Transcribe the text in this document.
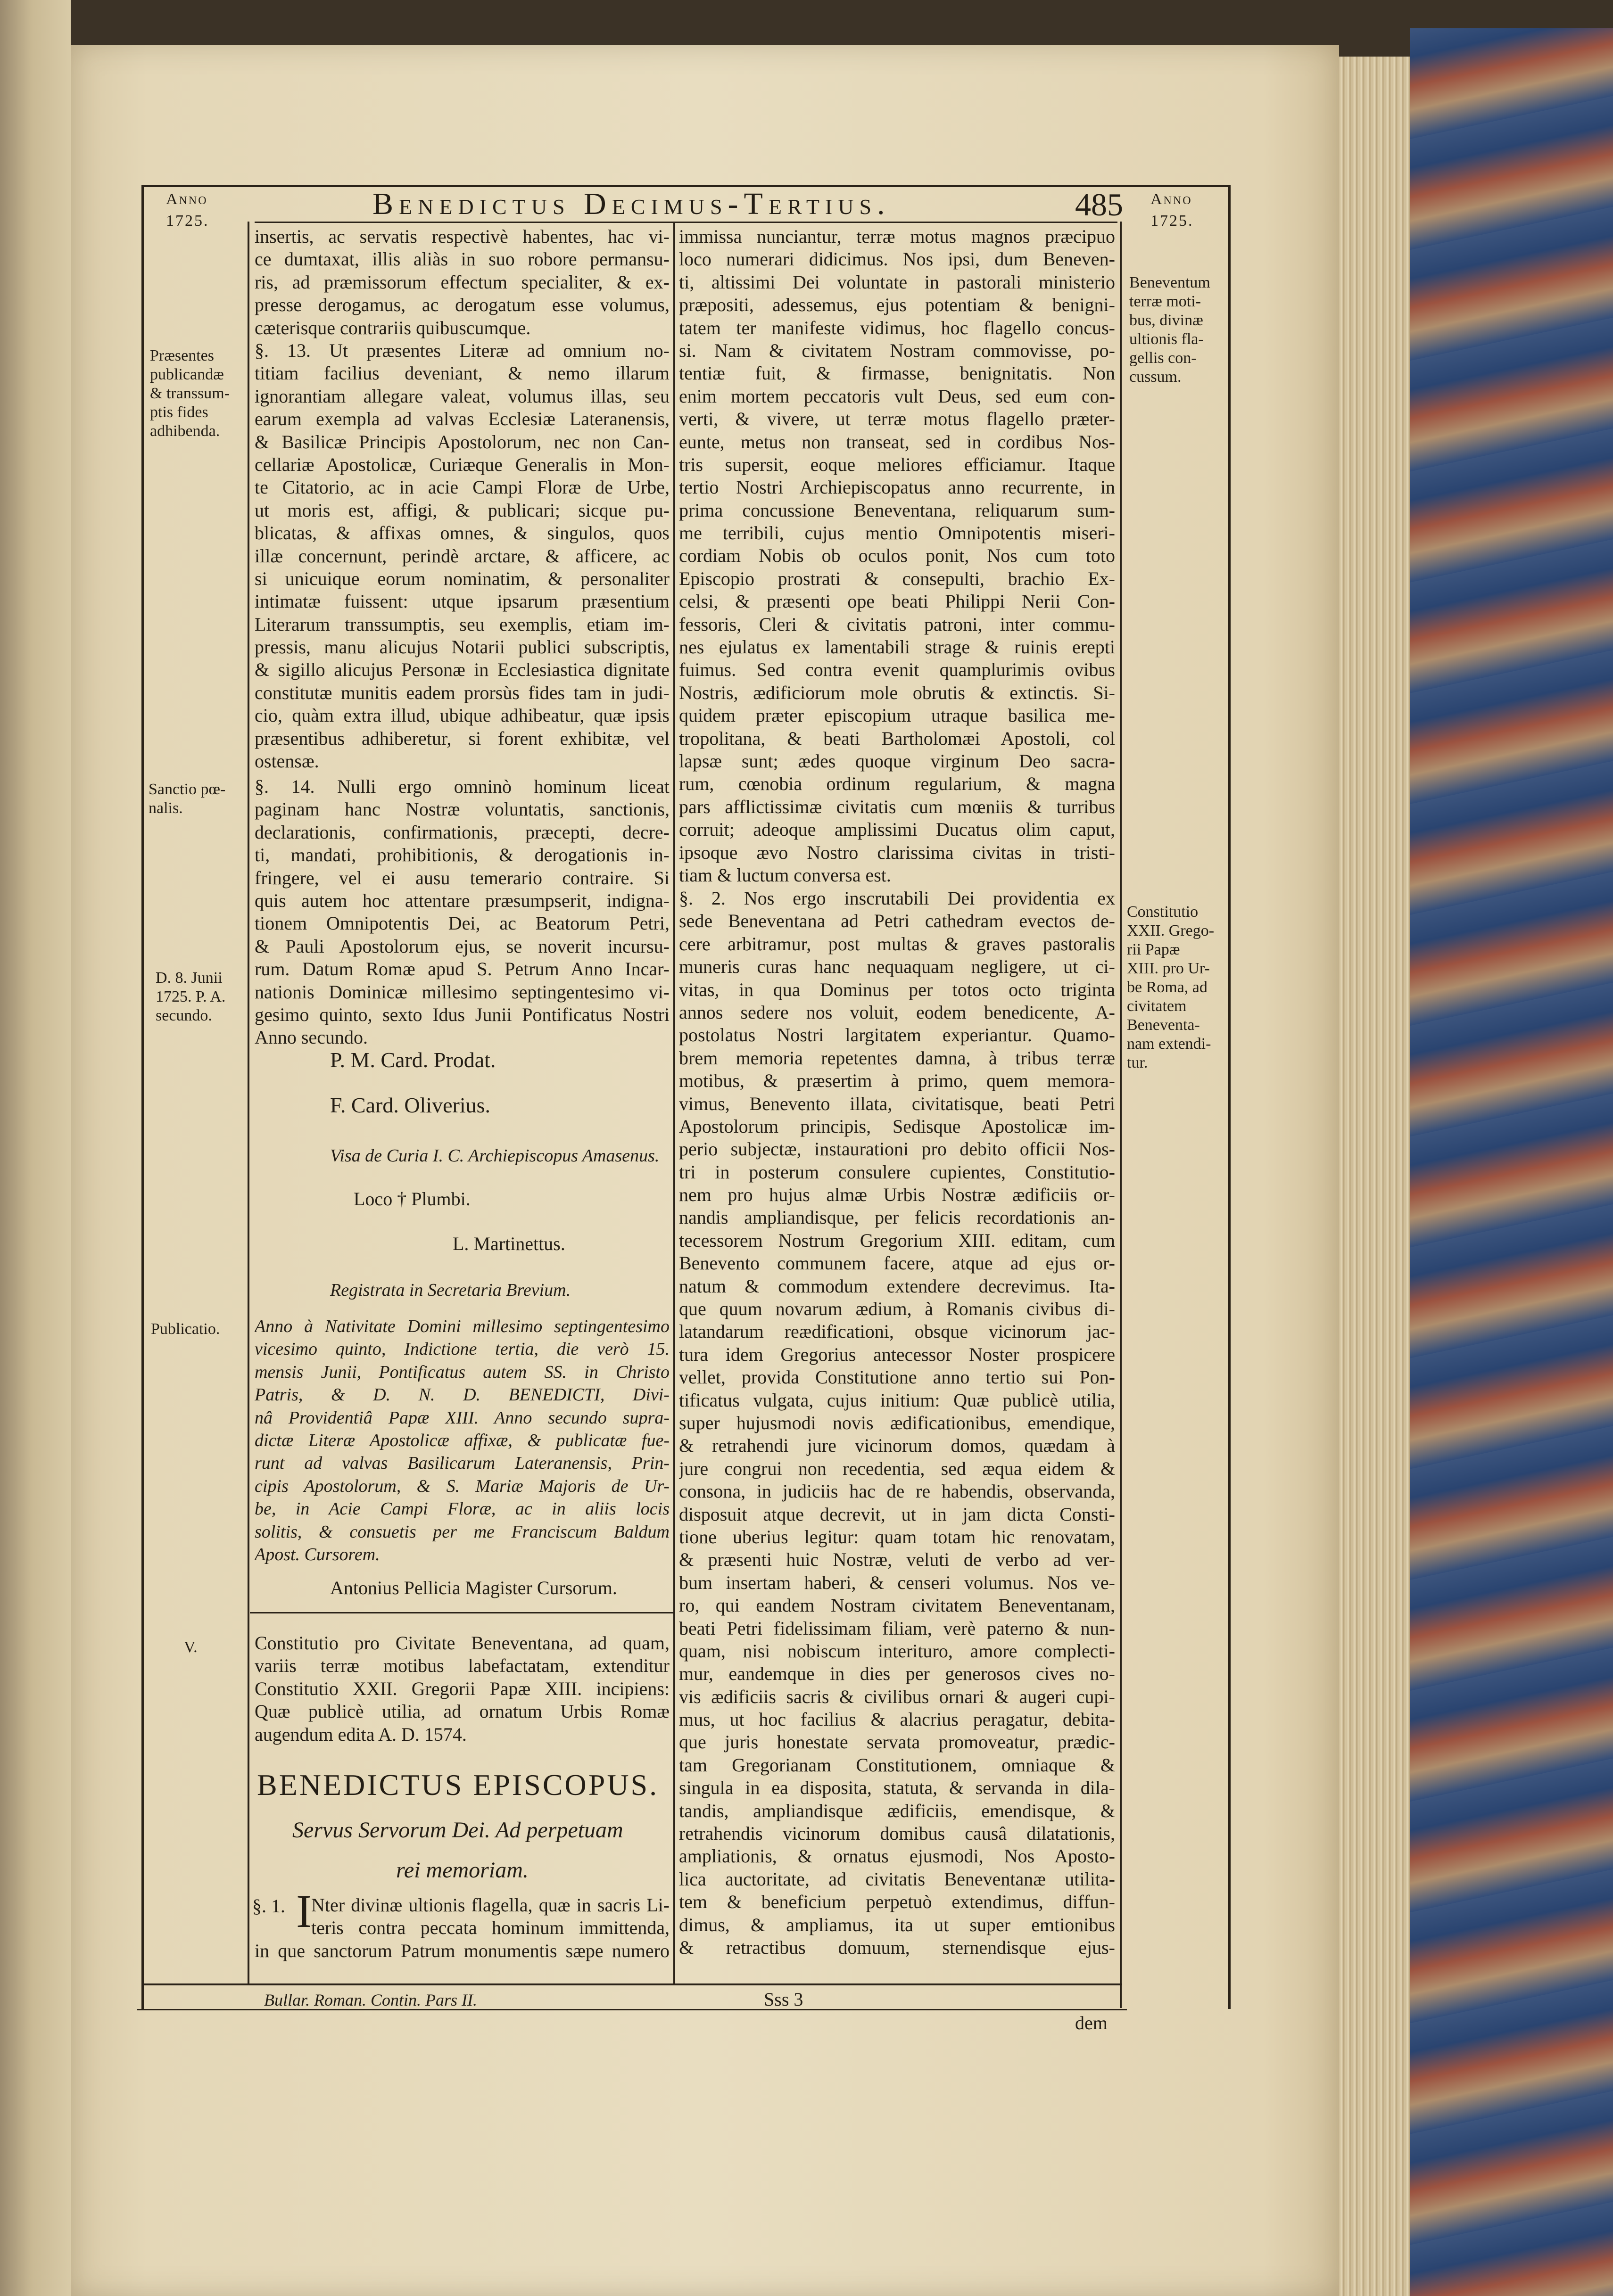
Anno
1725.	Benedictus Decimus-Tertius.	485 Anno
1725.
Præsentes
publicandæ
& transsum-
ptis fides
adhibenda.
Sanctio pœ-
nalis.
D. 8. Junii
1725. P. A.
secundo.
Publicatio.
V.
Beneventum
terræ moti-
bus, divinæ
ultionis fla-
gellis con-
cussum.
Constitutio
XXII. Grego-
rii Papæ
XIII. pro Ur-
be Roma, ad
civitatem
Beneventa-
nam extendi-
tur.
insertis, ac servatis respectivè habentes, hac vi-
ce dumtaxat, illis aliàs in suo robore permansu-
ris, ad præmissorum effectum specialiter, & ex-
presse derogamus, ac derogatum esse volumus,
cæterisque contrariis quibuscumque.
§. 13. Ut præsentes Literæ ad omnium no-
titiam facilius deveniant, & nemo illarum
ignorantiam allegare valeat, volumus illas, seu
earum exempla ad valvas Ecclesiæ Lateranensis,
& Basilicæ Principis Apostolorum, nec non Can-
cellariæ Apostolicæ, Curiæque Generalis in Mon-
te Citatorio, ac in acie Campi Floræ de Urbe,
ut moris est, affigi, & publicari; sicque pu-
blicatas, & affixas omnes, & singulos, quos
illæ concernunt, perindè arctare, & afficere, ac
si unicuique eorum nominatim, & personaliter
intimatæ fuissent: utque ipsarum præsentium
Literarum transsumptis, seu exemplis, etiam im-
pressis, manu alicujus Notarii publici subscriptis,
& sigillo alicujus Personæ in Ecclesiastica dignitate
constitutæ munitis eadem prorsùs fides tam in judi-
cio, quàm extra illud, ubique adhibeatur, quæ ipsis
præsentibus adhiberetur, si forent exhibitæ, vel
ostensæ.
§. 14. Nulli ergo omninò hominum liceat
paginam hanc Nostræ voluntatis, sanctionis,
declarationis, confirmationis, præcepti, decre-
ti, mandati, prohibitionis, & derogationis in-
fringere, vel ei ausu temerario contraire. Si
quis autem hoc attentare præsumpserit, indigna-
tionem Omnipotentis Dei, ac Beatorum Petri,
& Pauli Apostolorum ejus, se noverit incursu-
rum. Datum Romæ apud S. Petrum Anno Incar-
nationis Dominicæ millesimo septingentesimo vi-
gesimo quinto, sexto Idus Junii Pontificatus Nostri
Anno secundo.
P. M. Card. Prodat.
F. Card. Oliverius.
Visa de Curia I. C. Archiepiscopus Amasenus.
Loco † Plumbi.
L. Martinettus.
Registrata in Secretaria Brevium.
Anno à Nativitate Domini millesimo septingentesimo
vicesimo quinto, Indictione tertia, die verò 15.
mensis Junii, Pontificatus autem SS. in Christo
Patris, & D. N. D. BENEDICTI, Divi-
nâ Providentiâ Papæ XIII. Anno secundo supra-
dictæ Literæ Apostolicæ affixæ, & publicatæ fue-
runt ad valvas Basilicarum Lateranensis, Prin-
cipis Apostolorum, & S. Mariæ Majoris de Ur-
be, in Acie Campi Floræ, ac in aliis locis
solitis, & consuetis per me Franciscum Baldum
Apost. Cursorem.
Antonius Pellicia Magister Cursorum.
Constitutio pro Civitate Beneventana, ad quam,
variis terræ motibus labefactatam, extenditur
Constitutio XXII. Gregorii Papæ XIII. incipiens:
Quæ publicè utilia, ad ornatum Urbis Romæ
augendum edita A. D. 1574.
BENEDICTUS EPISCOPUS.
Servus Servorum Dei. Ad perpetuam
rei memoriam.
§. 1. I
Nter divinæ ultionis flagella, quæ in sacris Li-
teris contra peccata hominum immittenda,
in que sanctorum Patrum monumentis sæpe numero
Bullar. Roman. Contin. Pars II.
immissa nunciantur, terræ motus magnos præcipuo
loco numerari didicimus. Nos ipsi, dum Beneven-
ti, altissimi Dei voluntate in pastorali ministerio
præpositi, adessemus, ejus potentiam & benigni-
tatem ter manifeste vidimus, hoc flagello concus-
si. Nam & civitatem Nostram commovisse, po-
tentiæ fuit, & firmasse, benignitatis. Non
enim mortem peccatoris vult Deus, sed eum con-
verti, & vivere, ut terræ motus flagello præter-
eunte, metus non transeat, sed in cordibus Nos-
tris supersit, eoque meliores efficiamur. Itaque
tertio Nostri Archiepiscopatus anno recurrente, in
prima concussione Beneventana, reliquarum sum-
me terribili, cujus mentio Omnipotentis miseri-
cordiam Nobis ob oculos ponit, Nos cum toto
Episcopio prostrati & consepulti, brachio Ex-
celsi, & præsenti ope beati Philippi Nerii Con-
fessoris, Cleri & civitatis patroni, inter commu-
nes ejulatus ex lamentabili strage & ruinis erepti
fuimus. Sed contra evenit quamplurimis ovibus
Nostris, ædificiorum mole obrutis & extinctis. Si-
quidem præter episcopium utraque basilica me-
tropolitana, & beati Bartholomæi Apostoli, col
lapsæ sunt; ædes quoque virginum Deo sacra-
rum, cœnobia ordinum regularium, & magna
pars afflictissimæ civitatis cum mœniis & turribus
corruit; adeoque amplissimi Ducatus olim caput,
ipsoque ævo Nostro clarissima civitas in tristi-
tiam & luctum conversa est.
§. 2. Nos ergo inscrutabili Dei providentia ex
sede Beneventana ad Petri cathedram evectos de-
cere arbitramur, post multas & graves pastoralis
muneris curas hanc nequaquam negligere, ut ci-
vitas, in qua Dominus per totos octo triginta
annos sedere nos voluit, eodem benedicente, A-
postolatus Nostri largitatem experiantur. Quamo-
brem memoria repetentes damna, à tribus terræ
motibus, & præsertim à primo, quem memora-
vimus, Benevento illata, civitatisque, beati Petri
Apostolorum principis, Sedisque Apostolicæ im-
perio subjectæ, instaurationi pro debito officii Nos-
tri in posterum consulere cupientes, Constitutio-
nem pro hujus almæ Urbis Nostræ ædificiis or-
nandis ampliandisque, per felicis recordationis an-
tecessorem Nostrum Gregorium XIII. editam, cum
Benevento communem facere, atque ad ejus or-
natum & commodum extendere decrevimus. Ita-
que quum novarum ædium, à Romanis civibus di-
latandarum reædificationi, obsque vicinorum jac-
tura idem Gregorius antecessor Noster prospicere
vellet, provida Constitutione anno tertio sui Pon-
tificatus vulgata, cujus initium: Quæ publicè utilia,
super hujusmodi novis ædificationibus, emendique,
& retrahendi jure vicinorum domos, quædam à
jure congrui non recedentia, sed æqua eidem &
consona, in judiciis hac de re habendis, observanda,
disposuit atque decrevit, ut in jam dicta Consti-
tione uberius legitur: quam totam hic renovatam,
& præsenti huic Nostræ, veluti de verbo ad ver-
bum insertam haberi, & censeri volumus. Nos ve-
ro, qui eandem Nostram civitatem Beneventanam,
beati Petri fidelissimam filiam, verè paterno & nun-
quam, nisi nobiscum interituro, amore complecti-
mur, eandemque in dies per generosos cives no-
vis ædificiis sacris & civilibus ornari & augeri cupi-
mus, ut hoc facilius & alacrius peragatur, debita-
que juris honestate servata promoveatur, prædic-
tam Gregorianam Constitutionem, omniaque &
singula in ea disposita, statuta, & servanda in dila-
tandis, ampliandisque ædificiis, emendisque, &
retrahendis vicinorum domibus causâ dilatationis,
ampliationis, & ornatus ejusmodi, Nos Aposto-
lica auctoritate, ad civitatis Beneventanæ utilita-
tem & beneficium perpetuò extendimus, diffun-
dimus, & ampliamus, ita ut super emtionibus
& retractibus domuum, sternendisque ejus-
Sss 3
dem
